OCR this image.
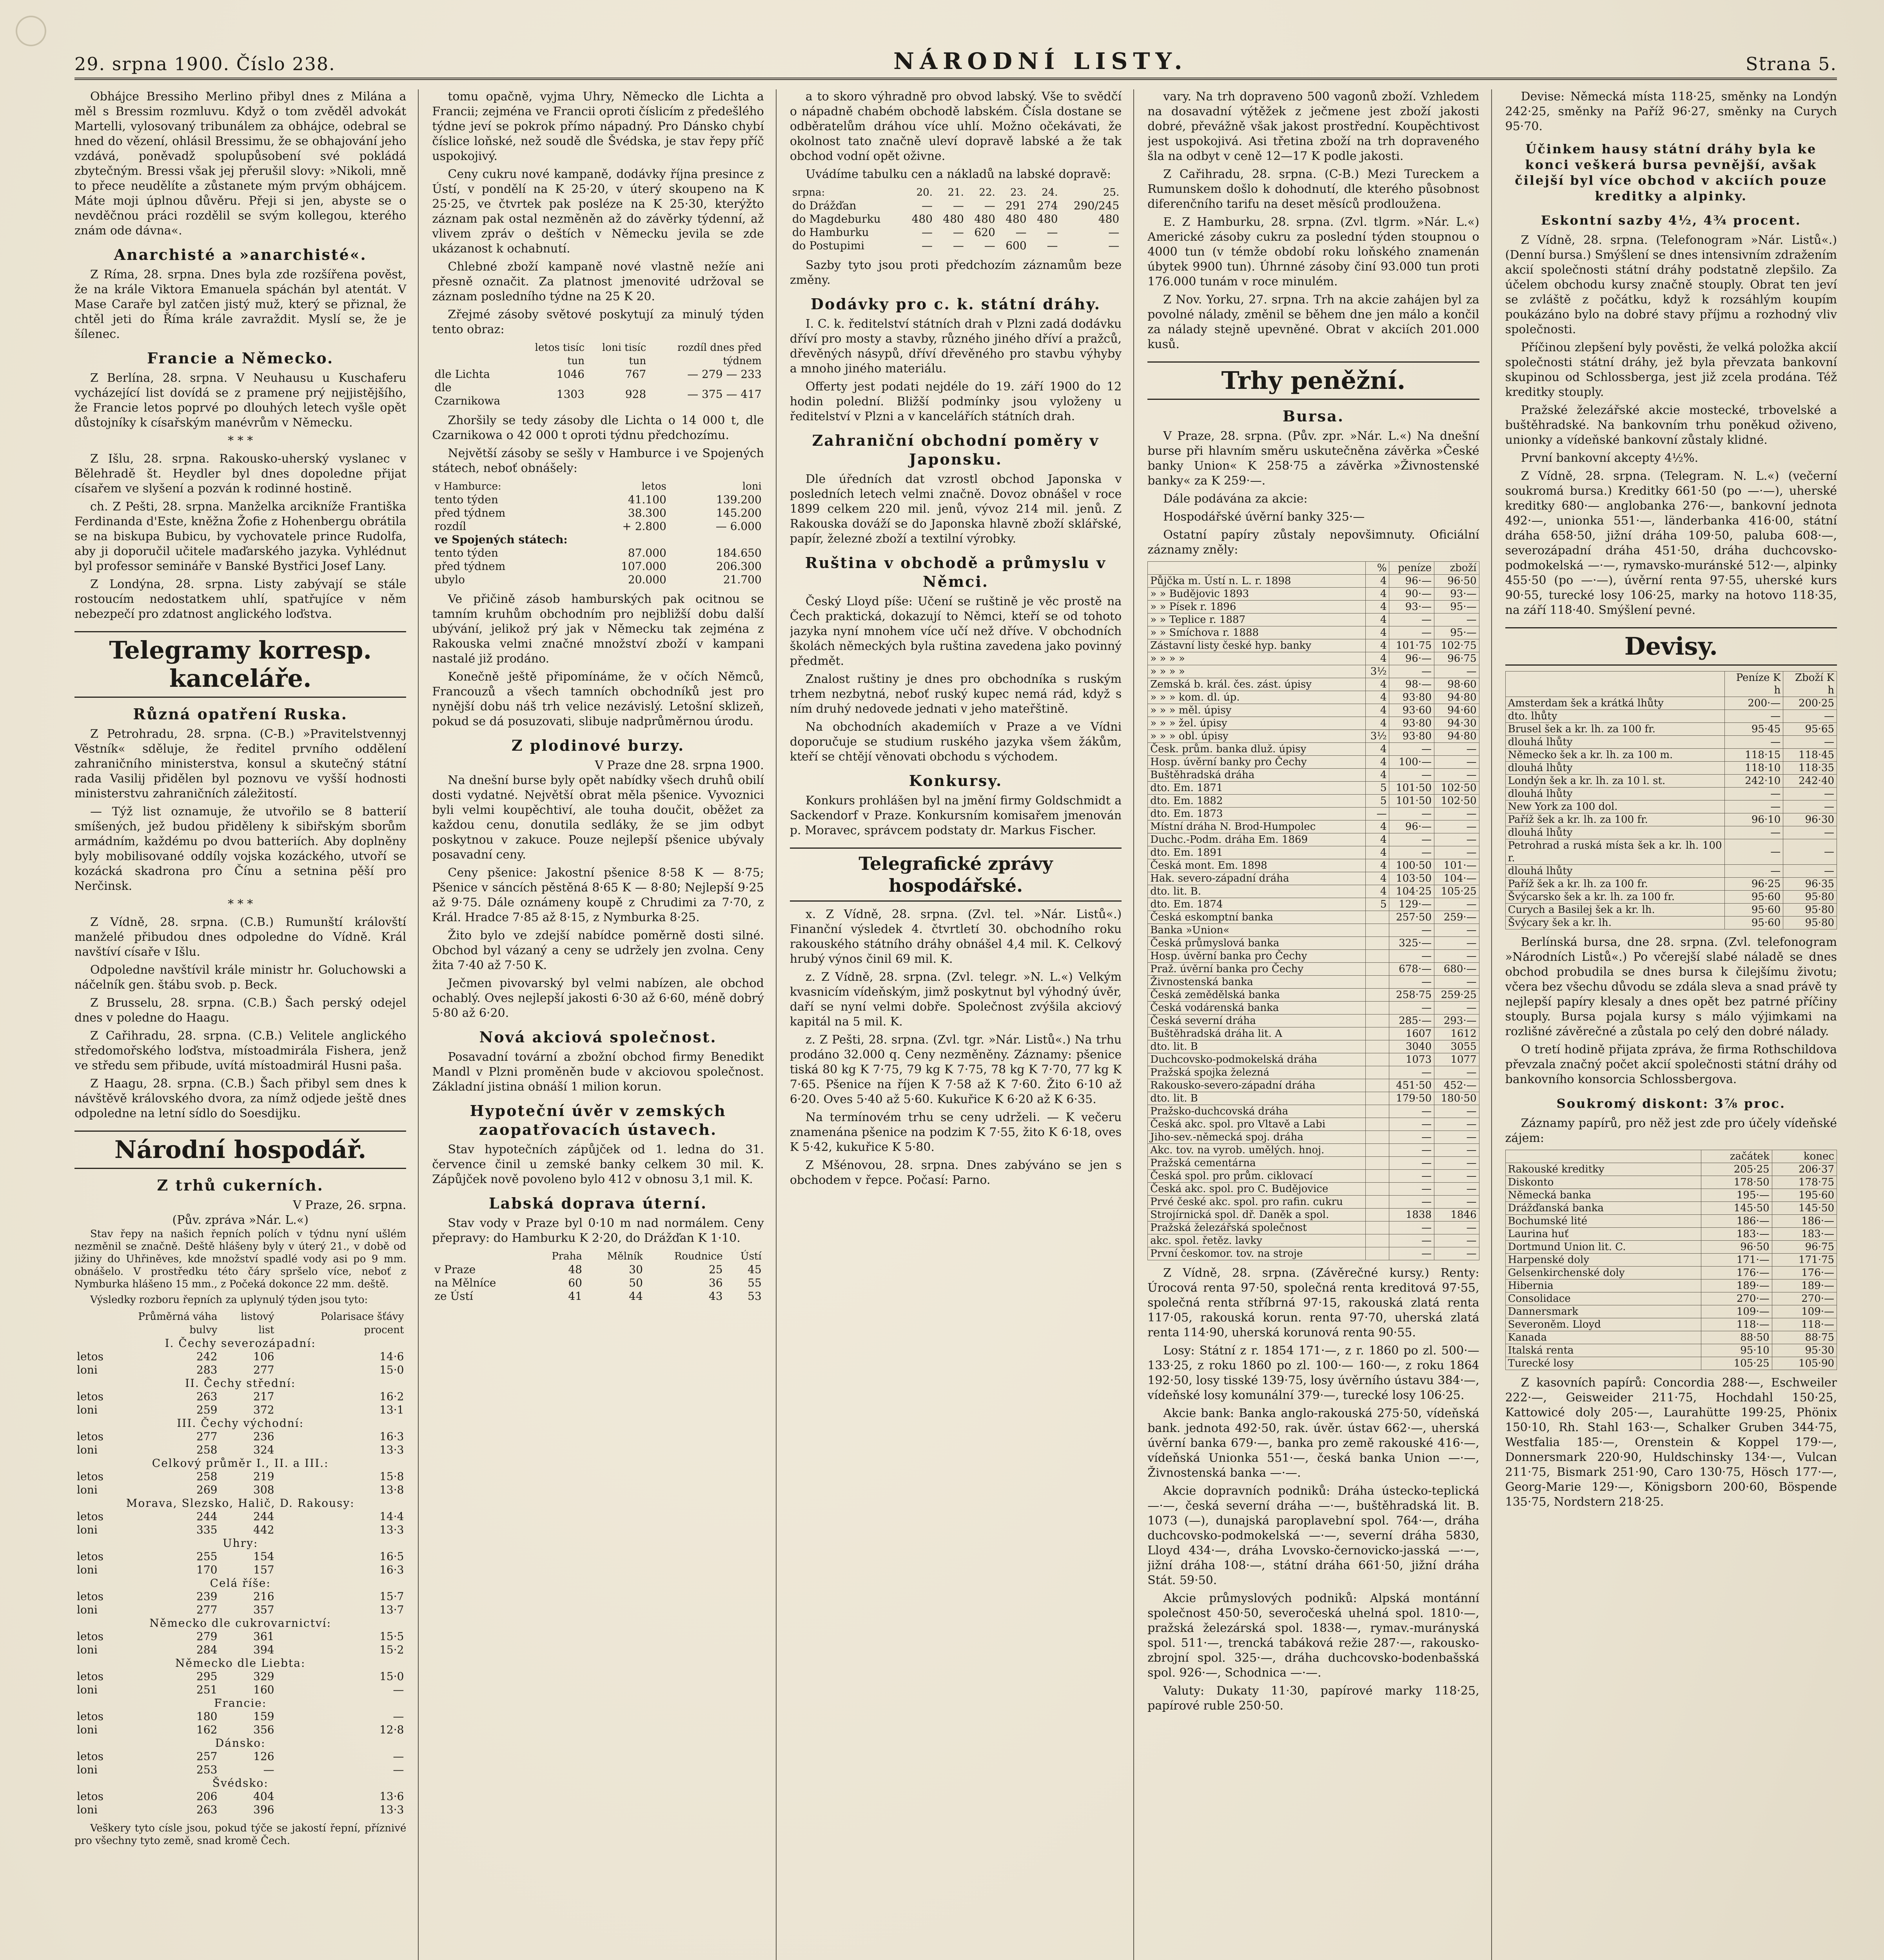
29. srpna 1900. Číslo 238.	NÁRODNÍ LISTY.	Strana 5.

Obhájce Bressiho Merlino přibyl dnes z Milána a měl s Bressim rozmluvu. Když o tom zvěděl advokát Martelli, vylosovaný tribunálem za obhájce, odebral se hned do vězení, ohlásil Bressimu, že se obhajování jeho vzdává, poněvadž spolupůsobení své pokládá zbytečným. Bressi však jej přerušil slovy: »Nikoli, mně to přece neudělíte a zůstanete mým prvým obhájcem. Máte moji úplnou důvěru. Přeji si jen, abyste se o nevděčnou práci rozdělil se svým kollegou, kterého znám ode dávna«.

Anarchisté a »anarchisté«.

Z Ríma, 28. srpna. Dnes byla zde rozšířena pověst, že na krále Viktora Emanuela spáchán byl atentát. V Mase Caraře byl zatčen jistý muž, který se přiznal, že chtěl jeti do Říma krále zavraždit. Myslí se, že je šílenec.

Francie a Německo.

Z Berlína, 28. srpna. V Neuhausu u Kuschaferu vycházející list dovídá se z pramene prý nejjistějšího, že Francie letos poprvé po dlouhých letech vyšle opět důstojníky k císařským manévrům v Německu.

* * *

Z Išlu, 28. srpna. Rakousko-uherský vyslanec v Bělehradě št. Heydler byl dnes dopoledne přijat císařem ve slyšení a pozván k rodinné hostině.

ch. Z Pešti, 28. srpna. Manželka arcikníže Františka Ferdinanda d'Este, kněžna Žofie z Hohenbergu obrátila se na biskupa Bubicu, by vychovatele prince Rudolfa, aby ji doporučil učitele maďarského jazyka. Vyhlédnut byl professor semináře v Banské Bystřici Josef Lany.

Z Londýna, 28. srpna. Listy zabývají se stále rostoucím nedostatkem uhlí, spatřujíce v něm nebezpečí pro zdatnost anglického loďstva.

Telegramy korresp. kanceláře.
Různá opatření Ruska.

Z Petrohradu, 28. srpna. (C-B.) »Pravitelstvennyj Věstník« sděluje, že ředitel prvního oddělení zahraničního ministerstva, konsul a skutečný státní rada Vasilij přidělen byl poznovu ve vyšší hodnosti ministerstvu zahraničních záležitostí.

— Týž list oznamuje, že utvořilo se 8 batterií smíšených, jež budou přiděleny k sibiřským sborům armádním, každému po dvou batteriích. Aby doplněny byly mobilisované oddíly vojska kozáckého, utvoří se kozácká skadrona pro Čínu a setnina pěší pro Nerčinsk.

* * *

Z Vídně, 28. srpna. (C.B.) Rumunští královští manželé přibudou dnes odpoledne do Vídně. Král navštíví císaře v Išlu.

Odpoledne navštívil krále ministr hr. Goluchowski a náčelník gen. štábu svob. p. Beck.

Z Brusselu, 28. srpna. (C.B.) Šach perský odejel dnes v poledne do Haagu.

Z Cařihradu, 28. srpna. (C.B.) Velitele anglického středomořského loďstva, místoadmirála Fishera, jenž ve středu sem přibude, uvítá místoadmirál Husni paša.

Z Haagu, 28. srpna. (C.B.) Šach přibyl sem dnes k návštěvě královského dvora, za nímž odjede ještě dnes odpoledne na letní sídlo do Soesdijku.

Národní hospodář.
Z trhů cukerních.
V Praze, 26. srpna.
(Pův. zpráva »Nár. L.«)

Stav řepy na našich řepních polích v týdnu nyní ušlém nezměnil se značně. Deště hlášeny byly v úterý 21., v době od jižiny do Uhřiněves, kde množství spadlé vody asi po 9 mm. obnášelo. V prostředku této čáry spršelo více, neboť z Nymburka hlášeno 15 mm., z Počeká dokonce 22 mm. deště.

Výsledky rozboru řepních za uplynulý týden jsou tyto:

	Průměrná váha bulvy	listový list	Polarisace šťávy procent
I. Čechy severozápadní:			
letos	242	106	14·6
loni	283	277	15·0
II. Čechy střední:			
letos	263	217	16·2
loni	259	372	13·1
III. Čechy východní:			
letos	277	236	16·3
loni	258	324	13·3
Celkový průměr I., II. a III.:			
letos	258	219	15·8
loni	269	308	13·8
Morava, Slezsko, Halič, D. Rakousy:			
letos	244	244	14·4
loni	335	442	13·3
Uhry:			
letos	255	154	16·5
loni	170	157	16·3
Celá říše:			
letos	239	216	15·7
loni	277	357	13·7
Německo dle cukrovarnictví:			
letos	279	361	15·5
loni	284	394	15·2
Německo dle Liebta:			
letos	295	329	15·0
loni	251	160	—
Francie:			
letos	180	159	—
loni	162	356	12·8
Dánsko:			
letos	257	126	—
loni	253	—	—
Švédsko:			
letos	206	404	13·6
loni	263	396	13·3

Veškery tyto císle jsou, pokud týče se jakostí řepní, příznivé pro všechny tyto země, snad kromě Čech.

tomu opačně, vyjma Uhry, Německo dle Lichta a Francii; zejména ve Francii oproti číslicím z předešlého týdne jeví se pokrok přímo nápadný. Pro Dánsko chybí číslice loňské, než soudě dle Švédska, je stav řepy příč uspokojivý.

Ceny cukru nové kampaně, dodávky října presince z Ústí, v pondělí na K 25·20, v úterý skoupeno na K 25·25, ve čtvrtek pak posléze na K 25·30, kterýžto záznam pak ostal nezměněn až do závěrky týdenní, až vlivem zpráv o deštích v Německu jevila se zde ukázanost k ochabnutí.

Chlebné zboží kampaně nové vlastně nežíe ani přesně označit. Za platnost jmenovité udržoval se záznam posledního týdne na 25 K 20.

Zřejmé zásoby světové poskytují za minulý týden tento obraz:

	letos tisíc tun	loni tisíc tun	rozdíl dnes před týdnem
dle Lichta	1046	767	— 279 — 233
dle Czarnikowa	1303	928	— 375 — 417

Zhoršily se tedy zásoby dle Lichta o 14 000 t, dle Czarnikowa o 42 000 t oproti týdnu předchozímu.

Největší zásoby se sešly v Hamburce i ve Spojených státech, neboť obnášely:

v Hamburce:	letos	loni
tento týden	41.100	139.200
před týdnem	38.300	145.200
rozdíl	+ 2.800	— 6.000
ve Spojených státech:		
tento týden	87.000	184.650
před týdnem	107.000	206.300
ubylo	20.000	21.700

Ve přičině zásob hamburských pak ocitnou se tamním kruhům obchodním pro nejbližší dobu další ubývání, jelikož prý jak v Německu tak zejména z Rakouska velmi značné množství zboží v kampani nastalé již prodáno.

Konečně ještě připomínáme, že v očích Němců, Francouzů a všech tamních obchodníků jest pro nynější dobu náš trh velice nezávislý. Letošní sklizeň, pokud se dá posuzovati, slibuje nadprůměrnou úrodu.

Z plodinové burzy.
V Praze dne 28. srpna 1900.

Na dnešní burse byly opět nabídky všech druhů obilí dosti vydatné. Největší obrat měla pšenice. Vyvoznici byli velmi koupěchtiví, ale touha doučit, oběžet za každou cenu, donutila sedláky, že se jim odbyt poskytnou v zakuce. Pouze nejlepší pšenice ubývaly posavadní ceny.

Ceny pšenice: Jakostní pšenice 8·58 K — 8·75; Pšenice v sáncích pěstěná 8·65 K — 8·80; Nejlepší 9·25 až 9·75. Dále oznámeny koupě z Chrudimi za 7·70, z Král. Hradce 7·85 až 8·15, z Nymburka 8·25.

Žito bylo ve zdejší nabídce poměrně dosti silné. Obchod byl vázaný a ceny se udržely jen zvolna. Ceny žita 7·40 až 7·50 K.

Ječmen pivovarský byl velmi nabízen, ale obchod ochablý. Oves nejlepší jakosti 6·30 až 6·60, méně dobrý 5·80 až 6·20.

Nová akciová společnost.

Posavadní tovární a zbožní obchod firmy Benedikt Mandl v Plzni proměněn bude v akciovou společnost. Základní jistina obnáší 1 milion korun.

Hypoteční úvěr v zemských zaopatřovacích ústavech.

Stav hypotečních zápůjček od 1. ledna do 31. července činil u zemské banky celkem 30 mil. K. Zápůjček nově povoleno bylo 412 v obnosu 3,1 mil. K.

Labská doprava úterní.

Stav vody v Praze byl 0·10 m nad normálem. Ceny přepravy: do Hamburku K 2·20, do Drážďan K 1·10.

	Praha	Mělník	Roudnice	Ústí
v Praze	48	30	25	45
na Mělníce	60	50	36	55
ze Ústí	41	44	43	53

a to skoro výhradně pro obvod labský. Vše to svědčí o nápadně chabém obchodě labském. Čísla dostane se odběratelům dráhou více uhlí. Možno očekávati, že okolnost tato značně uleví dopravě labské a že tak obchod vodní opět oživne.

Uvádíme tabulku cen a nákladů na labské dopravě:

srpna:	20.	21.	22.	23.	24.	25.
do Drážďan	—	—	—	291	274	290/245
do Magdeburku	480	480	480	480	480	480
do Hamburku	—	—	620	—	—	—
do Postupimi	—	—	—	600	—	—

Sazby tyto jsou proti předchozím záznamům beze změny.

Dodávky pro c. k. státní dráhy.

I. C. k. ředitelství státních drah v Plzni zadá dodávku dříví pro mosty a stavby, různého jiného dříví a pražců, dřevěných násypů, dříví dřevěného pro stavbu výhyby a mnoho jiného materiálu.

Offerty jest podati nejdéle do 19. září 1900 do 12 hodin polední. Bližší podmínky jsou vyloženy u ředitelství v Plzni a v kancelářích státních drah.

Zahraniční obchodní poměry v Japonsku.

Dle úředních dat vzrostl obchod Japonska v posledních letech velmi značně. Dovoz obnášel v roce 1899 celkem 220 mil. jenů, vývoz 214 mil. jenů. Z Rakouska dováží se do Japonska hlavně zboží sklářské, papír, železné zboží a textilní výrobky.

Ruština v obchodě a průmyslu v Němci.

Český Lloyd píše: Učení se ruštině je věc prostě na Čech praktická, dokazují to Němci, kteří se od tohoto jazyka nyní mnohem více učí než dříve. V obchodních školách německých byla ruština zavedena jako povinný předmět.

Znalost ruštiny je dnes pro obchodníka s ruským trhem nezbytná, neboť ruský kupec nemá rád, když s ním druhý nedovede jednati v jeho mateřštině.

Na obchodních akademiích v Praze a ve Vídni doporučuje se studium ruského jazyka všem žákům, kteří se chtějí věnovati obchodu s východem.

Konkursy.

Konkurs prohlášen byl na jmění firmy Goldschmidt a Sackendorf v Praze. Konkursním komisařem jmenován p. Moravec, správcem podstaty dr. Markus Fischer.

Telegrafické zprávy hospodářské.

x. Z Vídně, 28. srpna. (Zvl. tel. »Nár. Listů«.) Finanční výsledek 4. čtvrtletí 30. obchodního roku rakouského státního dráhy obnášel 4,4 mil. K. Celkový hrubý výnos činil 69 mil. K.

z. Z Vídně, 28. srpna. (Zvl. telegr. »N. L.«) Velkým kvasnicím vídeňským, jimž poskytnut byl výhodný úvěr, daří se nyní velmi dobře. Společnost zvýšila akciový kapitál na 5 mil. K.

z. Z Pešti, 28. srpna. (Zvl. tgr. »Nár. Listů«.) Na trhu prodáno 32.000 q. Ceny nezměněny. Záznamy: pšenice tiská 80 kg K 7·75, 79 kg K 7·75, 78 kg K 7·70, 77 kg K 7·65. Pšenice na říjen K 7·58 až K 7·60. Žito 6·10 až 6·20. Oves 5·40 až 5·60. Kukuřice K 6·20 až K 6·35.

Na termínovém trhu se ceny udrželi. — K večeru znamenána pšenice na podzim K 7·55, žito K 6·18, oves K 5·42, kukuřice K 5·80.

Z Mšénovou, 28. srpna. Dnes zabýváno se jen s obchodem v řepce. Počasí: Parno.

vary. Na trh dopraveno 500 vagonů zboží. Vzhledem na dosavadní výtěžek z ječmene jest zboží jakosti dobré, převážně však jakost prostřední. Koupěchtivost jest uspokojivá. Asi třetina zboží na trh dopraveného šla na odbyt v ceně 12—17 K podle jakosti.

Z Cařihradu, 28. srpna. (C-B.) Mezi Tureckem a Rumunskem došlo k dohodnutí, dle kterého působnost diferenčního tarifu na deset měsíců prodloužena.

E. Z Hamburku, 28. srpna. (Zvl. tlgrm. »Nár. L.«) Americké zásoby cukru za poslední týden stoupnou o 4000 tun (v témže období roku loňského znamenán úbytek 9900 tun). Úhrnné zásoby činí 93.000 tun proti 176.000 tunám v roce minulém.

Z Nov. Yorku, 27. srpna. Trh na akcie zahájen byl za povolné nálady, změnil se během dne jen málo a končil za nálady stejně upevněné. Obrat v akciích 201.000 kusů.

Trhy peněžní.
Bursa.

V Praze, 28. srpna. (Pův. zpr. »Nár. L.«) Na dnešní burse při hlavním směru uskutečněna závěrka »České banky Union« K 258·75 a závěrka »Živnostenské banky« za K 259·—.

Dále podávána za akcie:

Hospodářské úvěrní banky 325·—

Ostatní papíry zůstaly nepovšimnuty. Oficiální záznamy zněly:

	%	peníze	zboží
Půjčka m. Ústí n. L. r. 1898	4	96·—	96·50
» » Budějovic 1893	4	90·—	93·—
» » Písek r. 1896	4	93·—	95·—
» » Teplice r. 1887	4	—	—
» » Smíchova r. 1888	4	—	95·—
Zástavní listy české hyp. banky	4	101·75	102·75
» » » »	4	96·—	96·75
» » » »	3½	—	—
Zemská b. král. čes. zást. úpisy	4	98·—	98·60
» » » kom. dl. úp.	4	93·80	94·80
» » » měl. úpisy	4	93·60	94·60
» » » žel. úpisy	4	93·80	94·30
» » » obl. úpisy	3½	93·80	94·80
Česk. prům. banka dluž. úpisy	4	—	—
Hosp. úvěrní banky pro Čechy	4	100·—	—
Buštěhradská dráha	4	—	—
dto. Em. 1871	5	101·50	102·50
dto. Em. 1882	5	101·50	102·50
dto. Em. 1873	—	—	—
Místní dráha N. Brod-Humpolec	4	96·—	—
Duchc.-Podm. dráha Em. 1869	4	—	—
dto. Em. 1891	4	—	—
Česká mont. Em. 1898	4	100·50	101·—
Hak. severo-západní dráha	4	103·50	104·—
dto. lit. B.	4	104·25	105·25
dto. Em. 1874	5	129·—	—
Česká eskomptní banka		257·50	259·—
Banka »Union«		—	—
Česká průmyslová banka		325·—	—
Hosp. úvěrní banka pro Čechy		—	—
Praž. úvěrní banka pro Čechy		678·—	680·—
Živnostenská banka		—	—
Česká zemědělská banka		258·75	259·25
Česká vodárenská banka		—	—
Česká severní dráha		285·—	293·—
Buštěhradská dráha lit. A		1607	1612
dto. lit. B		3040	3055
Duchcovsko-podmokelská dráha		1073	1077
Pražská spojka železná		—	—
Rakousko-severo-západní dráha		451·50	452·—
dto. lit. B		179·50	180·50
Pražsko-duchcovská dráha		—	—
Česká akc. spol. pro Vltavě a Labi		—	—
Jiho-sev.-německá spoj. dráha		—	—
Akc. tov. na vyrob. umělých. hnoj.		—	—
Pražská cementárna		—	—
Česká spol. pro prům. ciklovací		—	—
Česká akc. spol. pro C. Budějovice		—	—
Prvé české akc. spol. pro rafin. cukru		—	—
Strojírnická spol. dř. Daněk a spol.		1838	1846
Pražská železářská společnost		—	—
akc. spol. řetěz. lavky		—	—
První českomor. tov. na stroje		—	—

Z Vídně, 28. srpna. (Závěrečné kursy.) Renty: Úrocová renta 97·50, společná renta kreditová 97·55, společná renta stříbrná 97·15, rakouská zlatá renta 117·05, rakouská korun. renta 97·70, uherská zlatá renta 114·90, uherská korunová renta 90·55.

Losy: Státní z r. 1854 171·—, z r. 1860 po zl. 500·— 133·25, z roku 1860 po zl. 100·— 160·—, z roku 1864 192·50, losy tisské 139·75, losy úvěrního ústavu 384·—, vídeňské losy komunální 379·—, turecké losy 106·25.

Akcie bank: Banka anglo-rakouská 275·50, vídeňská bank. jednota 492·50, rak. úvěr. ústav 662·—, uherská úvěrní banka 679·—, banka pro země rakouské 416·—, vídeňská Unionka 551·—, česká banka Union —·—, Živnostenská banka —·—.

Akcie dopravních podniků: Dráha ústecko-teplická —·—, česká severní dráha —·—, buštěhradská lit. B. 1073 (—), dunajská paroplavební spol. 764·—, dráha duchcovsko-podmokelská —·—, severní dráha 5830, Lloyd 434·—, dráha Lvovsko-černovicko-jasská —·—, jižní dráha 108·—, státní dráha 661·50, jižní dráha Stát. 59·50.

Akcie průmyslových podniků: Alpská montánní společnost 450·50, severočeská uhelná spol. 1810·—, pražská železárská spol. 1838·—, rymav.-murányská spol. 511·—, trencká tabáková režie 287·—, rakousko-zbrojní spol. 325·—, dráha duchcovsko-bodenbašská spol. 926·—, Schodnica —·—.

Valuty: Dukaty 11·30, papírové marky 118·25, papírové ruble 250·50.

Devise: Německá místa 118·25, směnky na Londýn 242·25, směnky na Paříž 96·27, směnky na Curych 95·70.

Účinkem hausy státní dráhy byla ke konci veškerá bursa pevnější, avšak čilejší byl více obchod v akciích pouze kreditky a alpinky.
Eskontní sazby 4½, 4¾ procent.

Z Vídně, 28. srpna. (Telefonogram »Nár. Listů«.) (Denní bursa.) Smýšlení se dnes intensivním zdražením akcií společnosti státní dráhy podstatně zlepšilo. Za účelem obchodu kursy značně stouply. Obrat ten jeví se zvláště z počátku, když k rozsáhlým koupím poukázáno bylo na dobré stavy příjmu a rozhodný vliv společnosti.

Příčinou zlepšení byly pověsti, že velká položka akcií společnosti státní dráhy, jež byla převzata bankovní skupinou od Schlossberga, jest již zcela prodána. Též kreditky stouply.

Pražské železářské akcie mostecké, trbovelské a buštěhradské. Na bankovním trhu poněkud oživeno, unionky a vídeňské bankovní zůstaly klidné.

První bankovní akcepty 4½%.

Z Vídně, 28. srpna. (Telegram. N. L.«) (večerní soukromá bursa.) Kreditky 661·50 (po —·—), uherské kreditky 680·— anglobanka 276·—, bankovní jednota 492·—, unionka 551·—, länderbanka 416·00, státní dráha 658·50, jižní dráha 109·50, paluba 608·—, severozápadní dráha 451·50, dráha duchcovsko-podmokelská —·—, rymavsko-muránské 512·—, alpinky 455·50 (po —·—), úvěrní renta 97·55, uherské kurs 90·55, turecké losy 106·25, marky na hotovo 118·35, na září 118·40. Smýšlení pevné.

Devisy.
	Peníze K h	Zboží K h
Amsterdam šek a krátká lhůty	200·—	200·25
dto. lhůty	—	—
Brusel šek a kr. lh. za 100 fr.	95·45	95·65
dlouhá lhůty	—	—
Německo šek a kr. lh. za 100 m.	118·15	118·45
dlouhá lhůty	118·10	118·35
Londýn šek a kr. lh. za 10 l. st.	242·10	242·40
dlouhá lhůty	—	—
New York za 100 dol.	—	—
Paříž šek a kr. lh. za 100 fr.	96·10	96·30
dlouhá lhůty	—	—
Petrohrad a ruská místa šek a kr. lh. 100 r.	—	—
dlouhá lhůty	—	—
Paříž šek a kr. lh. za 100 fr.	96·25	96·35
Švýcarsko šek a kr. lh. za 100 fr.	95·60	95·80
Curych a Basilej šek a kr. lh.	95·60	95·80
Švýcary šek a kr. lh.	95·60	95·80

Berlínská bursa, dne 28. srpna. (Zvl. telefonogram »Národních Listů«.) Po včerejší slabé náladě se dnes obchod probudila se dnes bursa k čilejšímu životu; včera bez všechu důvodu se zdála sleva a snad právě ty nejlepší papíry klesaly a dnes opět bez patrné příčiny stouply. Bursa pojala kursy s málo výjimkami na rozlišné závěrečné a zůstala po celý den dobré nálady.

O tretí hodině přijata zpráva, že firma Rothschildova převzala značný počet akcií společnosti státní dráhy od bankovního konsorcia Schlossbergova.

Soukromý diskont: 3⅞ proc.

Záznamy papírů, pro něž jest zde pro účely vídeňské zájem:

	začátek	konec
Rakouské kreditky	205·25	206·37
Diskonto	178·50	178·75
Německá banka	195·—	195·60
Drážďanská banka	145·50	145·50
Bochumské lité	186·—	186·—
Laurina huť	183·—	183·—
Dortmund Union lit. C.	96·50	96·75
Harpenské doly	171·—	171·75
Gelsenkirchenské doly	176·—	176·—
Hibernia	189·—	189·—
Consolidace	270·—	270·—
Dannersmark	109·—	109·—
Severoněm. Lloyd	118·—	118·—
Kanada	88·50	88·75
Italská renta	95·10	95·30
Turecké losy	105·25	105·90

Z kasovních papírů: Concordia 288·—, Eschweiler 222·—, Geisweider 211·75, Hochdahl 150·25, Kattowicé doly 205·—, Laurahütte 199·25, Phönix 150·10, Rh. Stahl 163·—, Schalker Gruben 344·75, Westfalia 185·—, Orenstein & Koppel 179·—, Donnersmark 220·90, Huldschinsky 134·—, Vulcan 211·75, Bismark 251·90, Caro 130·75, Hösch 177·—, Georg-Marie 129·—, Königsborn 200·60, Böspende 135·75, Nordstern 218·25.
